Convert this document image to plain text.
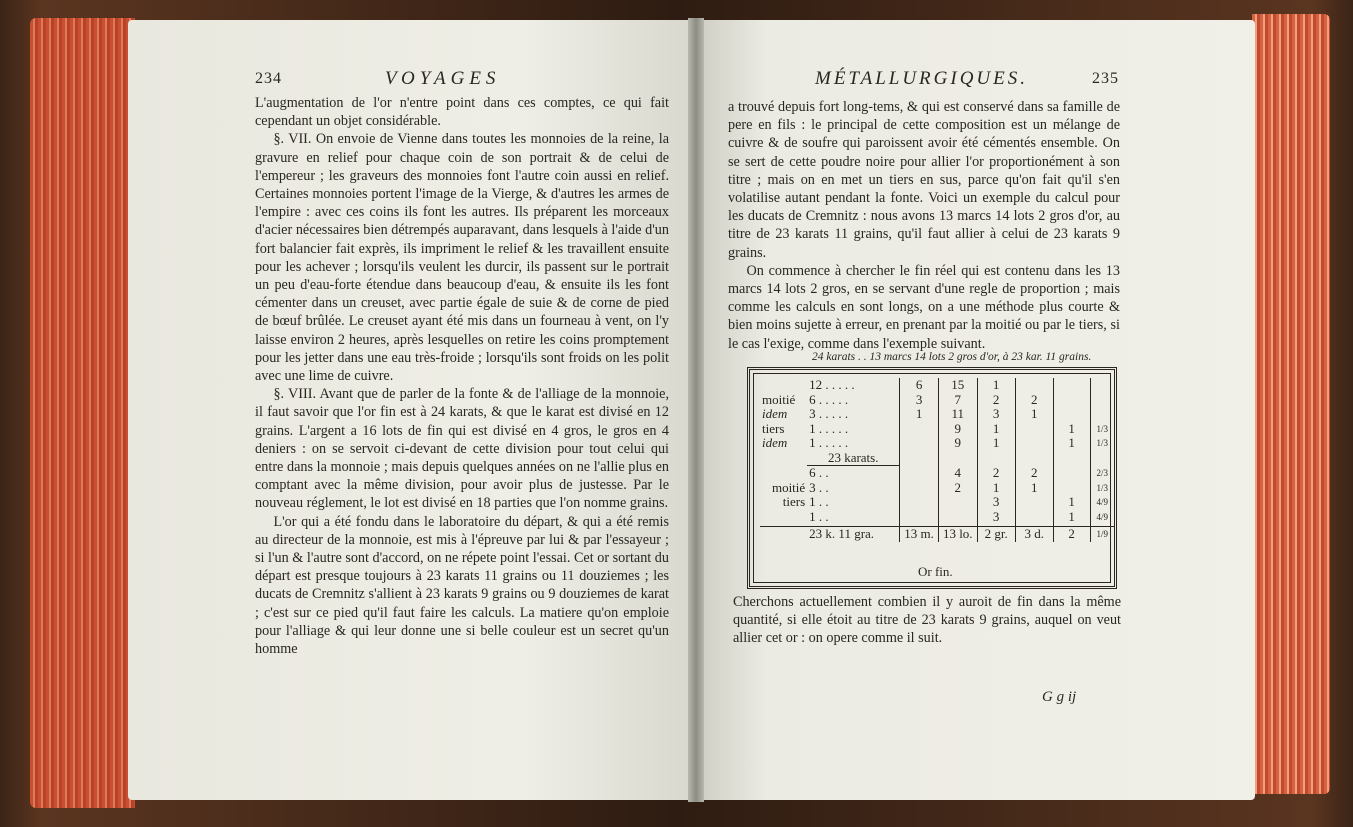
234	VOYAGES

L'augmentation de l'or n'entre point dans ces comptes, ce qui fait cependant un objet considérable.

§. VII. On envoie de Vienne dans toutes les monnoies de la reine, la gravure en relief pour chaque coin de son portrait & de celui de l'empereur ; les graveurs des monnoies font l'autre coin aussi en relief. Certaines monnoies portent l'image de la Vierge, & d'autres les armes de l'empire : avec ces coins ils font les autres. Ils préparent les morceaux d'acier nécessaires bien détrempés auparavant, dans lesquels à l'aide d'un fort balancier fait exprès, ils impriment le relief & les travaillent ensuite pour les achever ; lorsqu'ils veulent les durcir, ils passent sur le portrait un peu d'eau-forte étendue dans beaucoup d'eau, & ensuite ils les font cémenter dans un creuset, avec partie égale de suie & de corne de pied de bœuf brûlée. Le creuset ayant été mis dans un fourneau à vent, on l'y laisse environ 2 heures, après lesquelles on retire les coins promptement pour les jetter dans une eau très-froide ; lorsqu'ils sont froids on les polit avec une lime de cuivre.

§. VIII. Avant que de parler de la fonte & de l'alliage de la monnoie, il faut savoir que l'or fin est à 24 karats, & que le karat est divisé en 12 grains. L'argent a 16 lots de fin qui est divisé en 4 gros, le gros en 4 deniers : on se servoit ci-devant de cette division pour tout celui qui entre dans la monnoie ; mais depuis quelques années on ne l'allie plus en comptant avec la même division, pour avoir plus de justesse. Par le nouveau réglement, le lot est divisé en 18 parties que l'on nomme grains.

L'or qui a été fondu dans le laboratoire du départ, & qui a été remis au directeur de la monnoie, est mis à l'épreuve par lui & par l'essayeur ; si l'un & l'autre sont d'accord, on ne répete point l'essai. Cet or sortant du départ est presque toujours à 23 karats 11 grains ou 11 douziemes ; les ducats de Cremnitz s'allient à 23 karats 9 grains ou 9 douziemes de karat ; c'est sur ce pied qu'il faut faire les calculs. La matiere qu'on emploie pour l'alliage & qui leur donne une si belle couleur est un secret qu'un homme

MÉTALLURGIQUES.	235

a trouvé depuis fort long-tems, & qui est conservé dans sa famille de pere en fils : le principal de cette composition est un mélange de cuivre & de soufre qui paroissent avoir été cémentés ensemble. On se sert de cette poudre noire pour allier l'or proportionément à son titre ; mais on en met un tiers en sus, parce qu'on fait qu'il s'en volatilise autant pendant la fonte. Voici un exemple du calcul pour les ducats de Cremnitz : nous avons 13 marcs 14 lots 2 gros d'or, au titre de 23 karats 11 grains, qu'il faut allier à celui de 23 karats 9 grains.

On commence à chercher le fin réel qui est contenu dans les 13 marcs 14 lots 2 gros, en se servant d'une regle de proportion ; mais comme les calculs en sont longs, on a une méthode plus courte & bien moins sujette à erreur, en prenant par la moitié ou par le tiers, si le cas l'exige, comme dans l'exemple suivant.

24 karats . . 13 marcs 14 lots 2 gros d'or, à 23 kar. 11 grains.
	12 . . . . .	6	15	1			
moitié	6 . . . . .	3	7	2	2		
idem	3 . . . . .	1	11	3	1		
tiers	1 . . . . .		9	1		1	1/3
idem	1 . . . . .		9	1		1	1/3
	23 karats.						
	6 . .		4	2	2		2/3
moitié	3 . .		2	1	1		1/3
tiers	1 . .			3		1	4/9
	1 . .			3		1	4/9
	23 k. 11 gra.	13 m.	13 lo.	2 gr.	3 d.	2	1/9
Or fin.

Cherchons actuellement combien il y auroit de fin dans la même quantité, si elle étoit au titre de 23 karats 9 grains, auquel on veut allier cet or : on opere comme il suit.

G g ij
